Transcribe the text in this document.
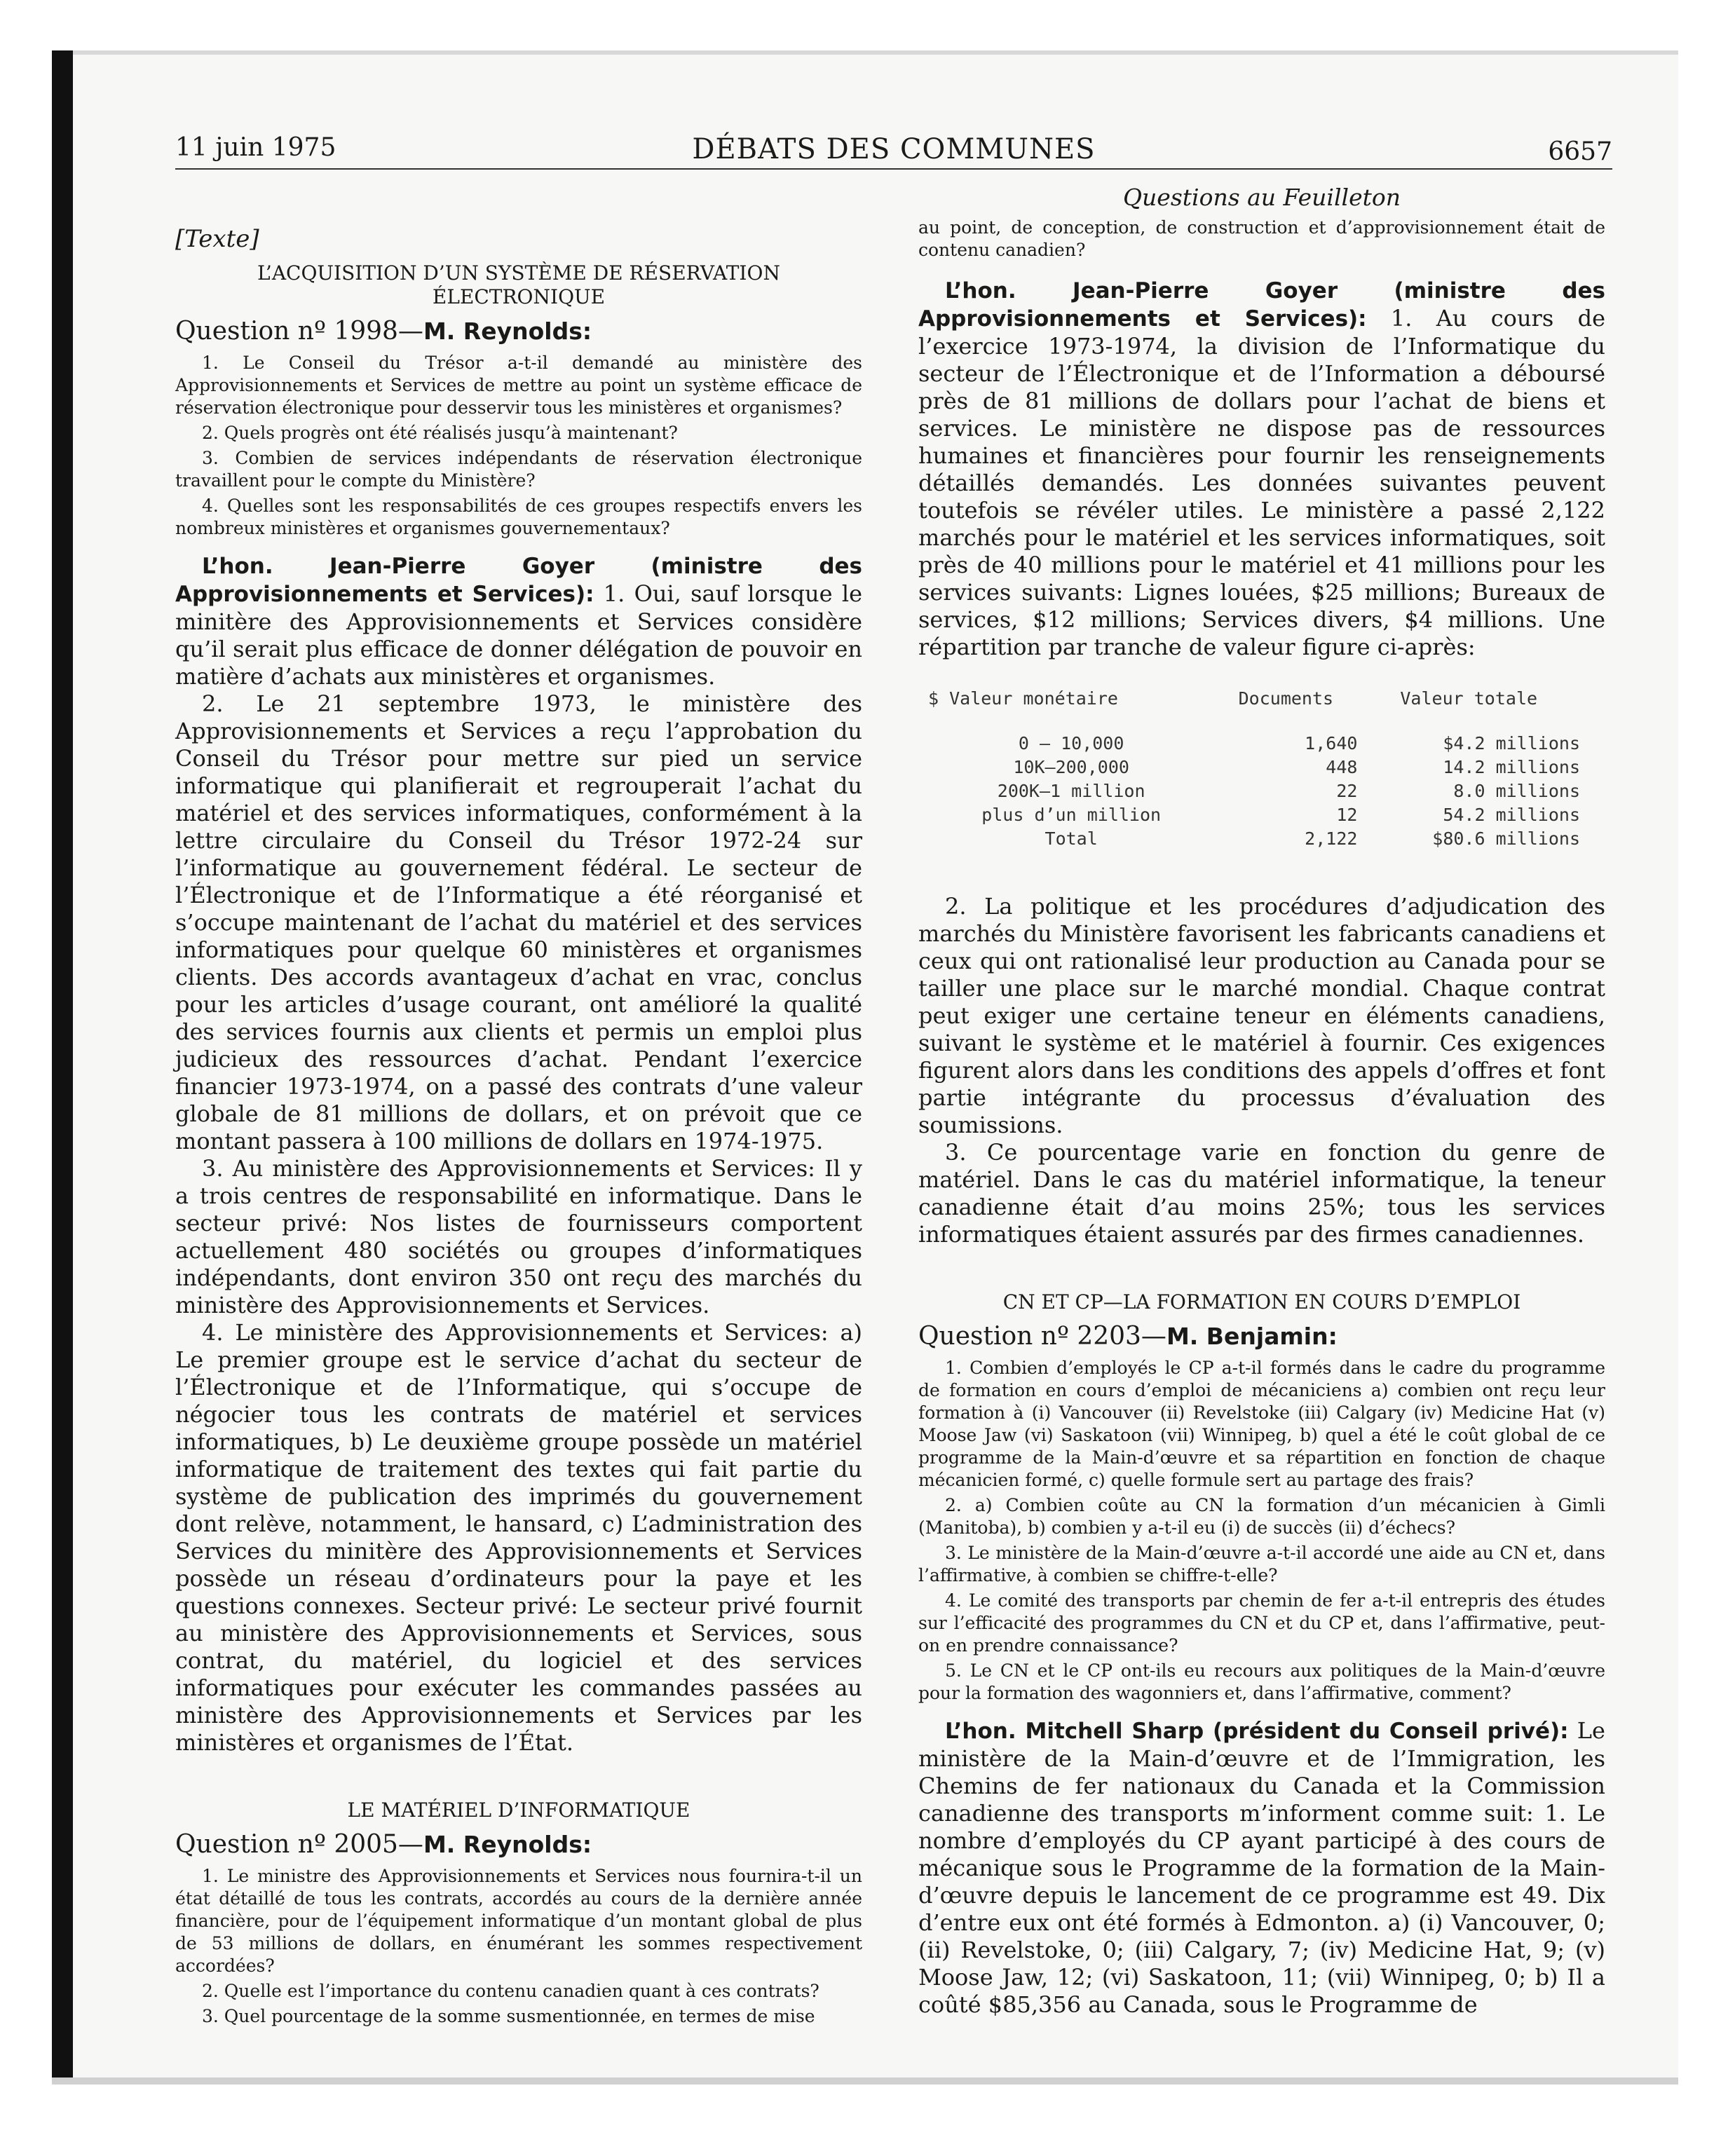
11 juin 1975	DÉBATS DES COMMUNES	6657
[Texte]
L’ACQUISITION D’UN SYSTÈME DE RÉSERVATION ÉLECTRONIQUE
Question nº 1998—M. Reynolds:

1. Le Conseil du Trésor a-t-il demandé au ministère des Approvisionnements et Services de mettre au point un système efficace de réservation électronique pour desservir tous les ministères et organismes?

2. Quels progrès ont été réalisés jusqu’à maintenant?

3. Combien de services indépendants de réservation électronique travaillent pour le compte du Ministère?

4. Quelles sont les responsabilités de ces groupes respectifs envers les nombreux ministères et organismes gouvernementaux?

L’hon. Jean-Pierre Goyer (ministre des Approvisionnements et Services): 1. Oui, sauf lorsque le minitère des Approvisionnements et Services considère qu’il serait plus efficace de donner délégation de pouvoir en matière d’achats aux ministères et organismes.

2. Le 21 septembre 1973, le ministère des Approvisionnements et Services a reçu l’approbation du Conseil du Trésor pour mettre sur pied un service informatique qui planifierait et regrouperait l’achat du matériel et des services informatiques, conformément à la lettre circulaire du Conseil du Trésor 1972-24 sur l’informatique au gouvernement fédéral. Le secteur de l’Électronique et de l’Informatique a été réorganisé et s’occupe maintenant de l’achat du matériel et des services informatiques pour quelque 60 ministères et organismes clients. Des accords avantageux d’achat en vrac, conclus pour les articles d’usage courant, ont amélioré la qualité des services fournis aux clients et permis un emploi plus judicieux des ressources d’achat. Pendant l’exercice financier 1973-1974, on a passé des contrats d’une valeur globale de 81 millions de dollars, et on prévoit que ce montant passera à 100 millions de dollars en 1974-1975.

3. Au ministère des Approvisionnements et Services: Il y a trois centres de responsabilité en informatique. Dans le secteur privé: Nos listes de fournisseurs comportent actuellement 480 sociétés ou groupes d’informatiques indépendants, dont environ 350 ont reçu des marchés du ministère des Approvisionnements et Services.

4. Le ministère des Approvisionnements et Services: a) Le premier groupe est le service d’achat du secteur de l’Électronique et de l’Informatique, qui s’occupe de négocier tous les contrats de matériel et services informatiques, b) Le deuxième groupe possède un matériel informatique de traitement des textes qui fait partie du système de publication des imprimés du gouvernement dont relève, notamment, le hansard, c) L’administration des Services du minitère des Approvisionnements et Services possède un réseau d’ordinateurs pour la paye et les questions connexes. Secteur privé: Le secteur privé fournit au ministère des Approvisionnements et Services, sous contrat, du matériel, du logiciel et des services informatiques pour exécuter les commandes passées au ministère des Approvisionnements et Services par les ministères et organismes de l’État.

LE MATÉRIEL D’INFORMATIQUE
Question nº 2005—M. Reynolds:

1. Le ministre des Approvisionnements et Services nous fournira-t-il un état détaillé de tous les contrats, accordés au cours de la dernière année financière, pour de l’équipement informatique d’un montant global de plus de 53 millions de dollars, en énumérant les sommes respectivement accordées?

2. Quelle est l’importance du contenu canadien quant à ces contrats?

3. Quel pourcentage de la somme susmentionnée, en termes de mise

Questions au Feuilleton

au point, de conception, de construction et d’approvisionnement était de contenu canadien?

L’hon. Jean-Pierre Goyer (ministre des Approvisionnements et Services): 1. Au cours de l’exercice 1973-1974, la division de l’Informatique du secteur de l’Électronique et de l’Information a déboursé près de 81 millions de dollars pour l’achat de biens et services. Le ministère ne dispose pas de ressources humaines et financières pour fournir les renseignements détaillés demandés. Les données suivantes peuvent toutefois se révéler utiles. Le ministère a passé 2,122 marchés pour le matériel et les services informatiques, soit près de 40 millions pour le matériel et 41 millions pour les services suivants: Lignes louées, $25 millions; Bureaux de services, $12 millions; Services divers, $4 millions. Une répartition par tranche de valeur figure ci-après:

$ Valeur monétaire	Documents	Valeur totale
0 – 10,000	1,640	$4.2 millions
10K—200,000	448	14.2 millions
200K—1 million	22	8.0 millions
plus d’un million	12	54.2 millions
Total	2,122	$80.6 millions

2. La politique et les procédures d’adjudication des marchés du Ministère favorisent les fabricants canadiens et ceux qui ont rationalisé leur production au Canada pour se tailler une place sur le marché mondial. Chaque contrat peut exiger une certaine teneur en éléments canadiens, suivant le système et le matériel à fournir. Ces exigences figurent alors dans les conditions des appels d’offres et font partie intégrante du processus d’évaluation des soumissions.

3. Ce pourcentage varie en fonction du genre de matériel. Dans le cas du matériel informatique, la teneur canadienne était d’au moins 25%; tous les services informatiques étaient assurés par des firmes canadiennes.

CN ET CP—LA FORMATION EN COURS D’EMPLOI
Question nº 2203—M. Benjamin:

1. Combien d’employés le CP a-t-il formés dans le cadre du programme de formation en cours d’emploi de mécaniciens a) combien ont reçu leur formation à (i) Vancouver (ii) Revelstoke (iii) Calgary (iv) Medicine Hat (v) Moose Jaw (vi) Saskatoon (vii) Winnipeg, b) quel a été le coût global de ce programme de la Main-d’œuvre et sa répartition en fonction de chaque mécanicien formé, c) quelle formule sert au partage des frais?

2. a) Combien coûte au CN la formation d’un mécanicien à Gimli (Manitoba), b) combien y a-t-il eu (i) de succès (ii) d’échecs?

3. Le ministère de la Main-d’œuvre a-t-il accordé une aide au CN et, dans l’affirmative, à combien se chiffre-t-elle?

4. Le comité des transports par chemin de fer a-t-il entrepris des études sur l’efficacité des programmes du CN et du CP et, dans l’affirmative, peut-on en prendre connaissance?

5. Le CN et le CP ont-ils eu recours aux politiques de la Main-d’œuvre pour la formation des wagonniers et, dans l’affirmative, comment?

L’hon. Mitchell Sharp (président du Conseil privé): Le ministère de la Main-d’œuvre et de l’Immigration, les Chemins de fer nationaux du Canada et la Commission canadienne des transports m’informent comme suit: 1. Le nombre d’employés du CP ayant participé à des cours de mécanique sous le Programme de la formation de la Main-d’œuvre depuis le lancement de ce programme est 49. Dix d’entre eux ont été formés à Edmonton. a) (i) Vancouver, 0; (ii) Revelstoke, 0; (iii) Calgary, 7; (iv) Medicine Hat, 9; (v) Moose Jaw, 12; (vi) Saskatoon, 11; (vii) Winnipeg, 0; b) Il a coûté $85,356 au Canada, sous le Programme de
